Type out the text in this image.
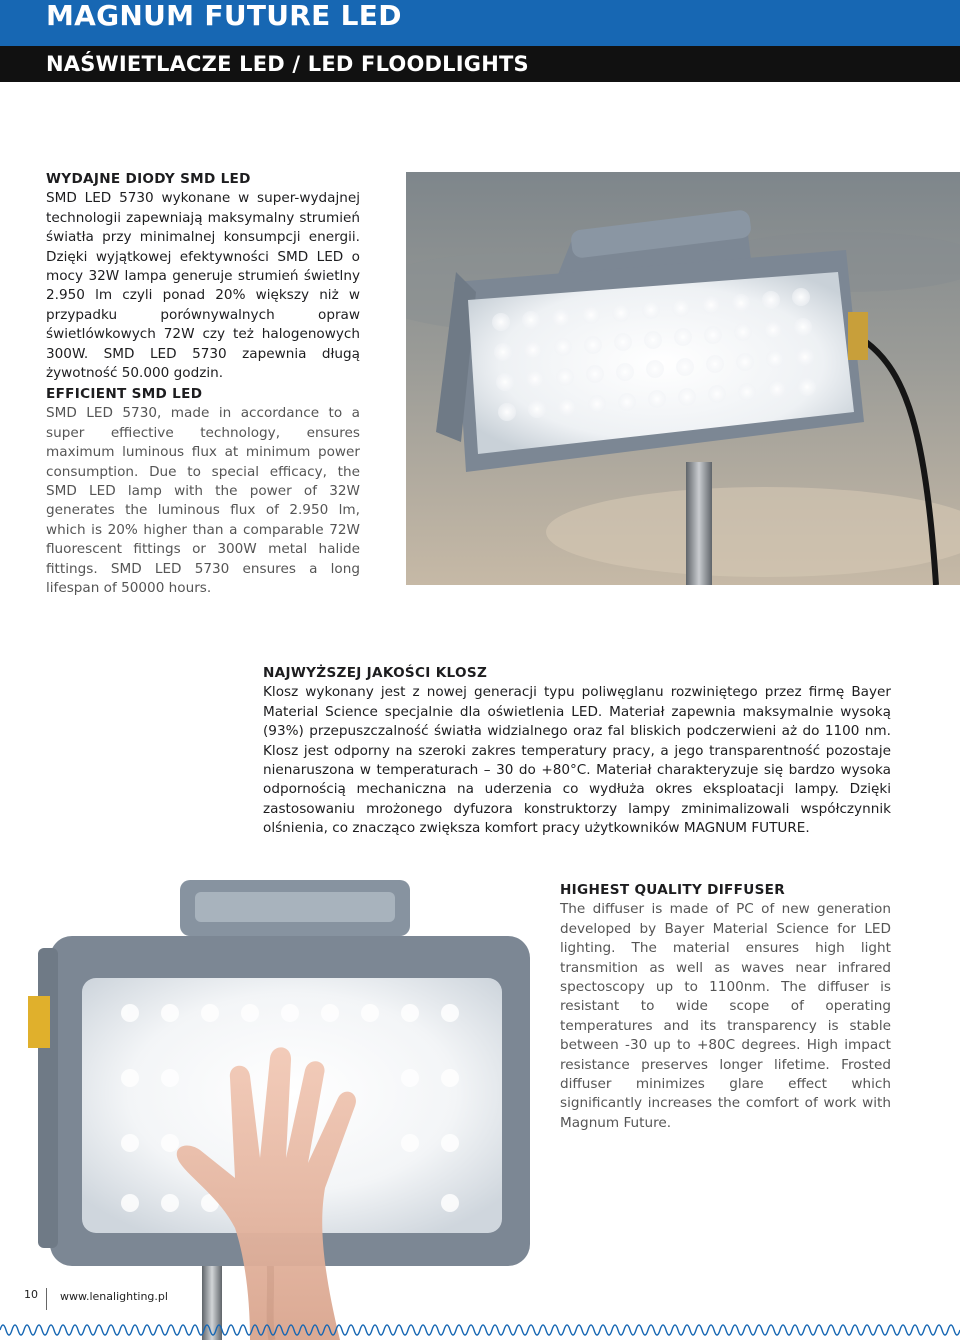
MAGNUM FUTURE LED
NAŚWIETLACZE LED / LED FLOODLIGHTS
WYDAJNE DIODY SMD LED

SMD LED 5730 wykonane w super-wydajnej technologii zapewniają maksymalny strumień światła przy minimalnej konsumpcji energii. Dzięki wyjątkowej efektywności SMD LED o mocy 32W lampa generuje strumień świetlny 2.950 lm czyli ponad 20% większy niż w przypadku porównywalnych opraw świetlówkowych 72W czy też halogenowych 300W. SMD LED 5730 zapewnia długą żywotność 50.000 godzin.

EFFICIENT SMD LED

SMD LED 5730, made in accordance to a super effiective technology, ensures maximum luminous flux at minimum power consumption. Due to special efficacy, the SMD LED lamp with the power of 32W generates the luminous flux of 2.950 lm, which is 20% higher than a comparable 72W fluorescent fittings or 300W metal halide fittings. SMD LED 5730 ensures a long lifespan of 50000 hours.

NAJWYŻSZEJ JAKOŚCI KLOSZ

Klosz wykonany jest z nowej generacji typu poliwęglanu rozwiniętego przez firmę Bayer Material Science specjalnie dla oświetlenia LED. Materiał zapewnia maksymalnie wysoką (93%) przepuszczalność światła widzialnego oraz fal bliskich podczerwieni aż do 1100 nm. Klosz jest odporny na szeroki zakres temperatury pracy, a jego transparentność pozostaje nienaruszona w temperaturach – 30 do +80°C. Materiał charakteryzuje się bardzo wysoka odpornością mechaniczna na uderzenia co wydłuża okres eksploatacji lampy. Dzięki zastosowaniu mrożonego dyfuzora konstruktorzy lampy zminimalizowali współczynnik olśnienia, co znacząco zwiększa komfort pracy użytkowników MAGNUM FUTURE.

HIGHEST QUALITY DIFFUSER

The diffuser is made of PC of new generation developed by Bayer Material Science for LED lighting. The material ensures high light transmition as well as waves near infrared spectoscopy up to 1100nm. The diffuser is resistant to wide scope of operating temperatures and its transparency is stable between -30 up to +80C degrees. High impact resistance preserves longer lifetime. Frosted diffuser minimizes glare effect which significantly increases the comfort of work with Magnum Future.

10 www.lenalighting.pl
